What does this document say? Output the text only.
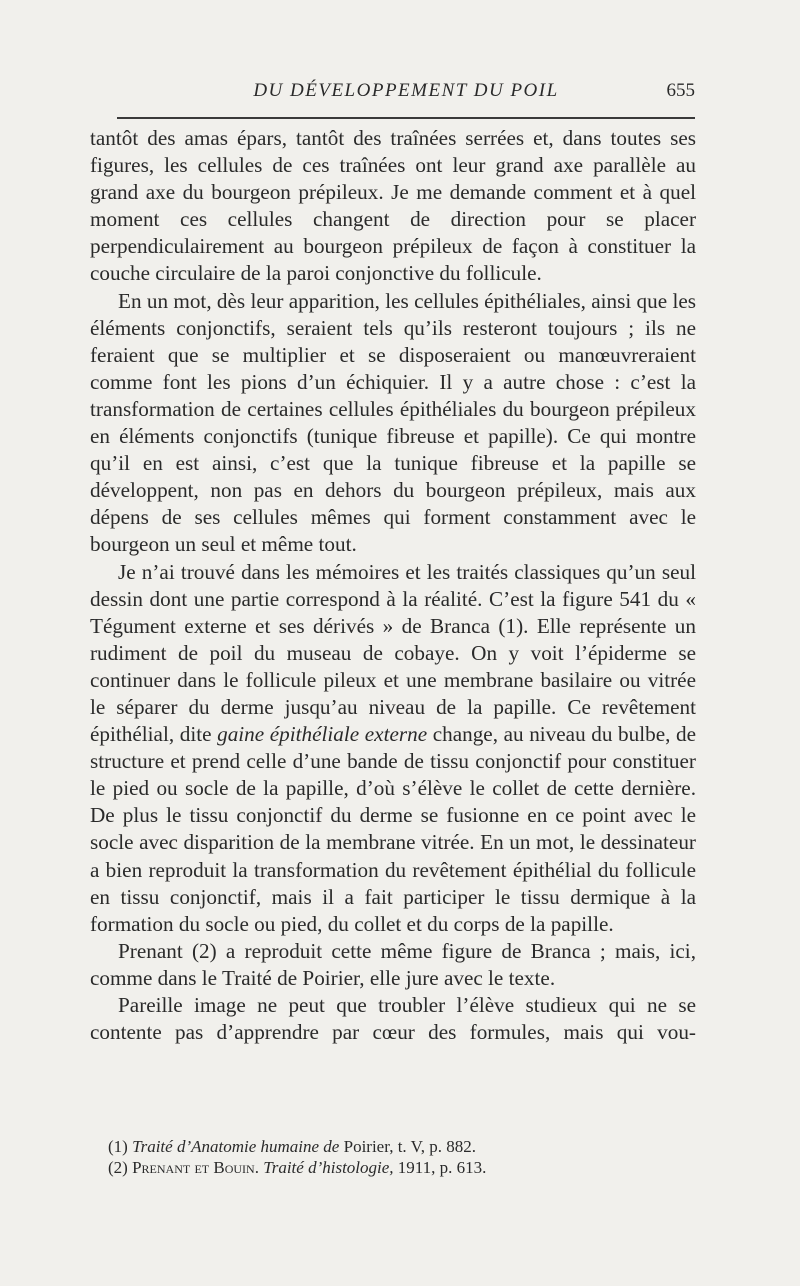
DU DÉVELOPPEMENT DU POIL	655

tantôt des amas épars, tantôt des traînées serrées et, dans toutes ses figures, les cellules de ces traînées ont leur grand axe parallèle au grand axe du bourgeon prépileux. Je me demande comment et à quel moment ces cellules changent de direction pour se placer perpendiculairement au bourgeon prépileux de façon à constituer la couche circulaire de la paroi conjonctive du follicule.

En un mot, dès leur apparition, les cellules épithéliales, ainsi que les éléments conjonctifs, seraient tels qu’ils resteront toujours ; ils ne feraient que se multiplier et se disposeraient ou manœuvreraient comme font les pions d’un échiquier. Il y a autre chose : c’est la transformation de certaines cellules épithéliales du bourgeon prépileux en éléments conjonctifs (tunique fibreuse et papille). Ce qui montre qu’il en est ainsi, c’est que la tunique fibreuse et la papille se développent, non pas en dehors du bourgeon prépileux, mais aux dépens de ses cellules mêmes qui forment constamment avec le bourgeon un seul et même tout.

Je n’ai trouvé dans les mémoires et les traités classiques qu’un seul dessin dont une partie correspond à la réalité. C’est la figure 541 du « Tégument externe et ses dérivés » de Branca (1). Elle représente un rudiment de poil du museau de cobaye. On y voit l’épiderme se continuer dans le follicule pileux et une membrane basilaire ou vitrée le séparer du derme jusqu’au niveau de la papille. Ce revêtement épithélial, dite gaine épithéliale externe change, au niveau du bulbe, de structure et prend celle d’une bande de tissu conjonctif pour constituer le pied ou socle de la papille, d’où s’élève le collet de cette dernière. De plus le tissu conjonctif du derme se fusionne en ce point avec le socle avec disparition de la membrane vitrée. En un mot, le dessinateur a bien reproduit la transformation du revêtement épithélial du follicule en tissu conjonctif, mais il a fait participer le tissu dermique à la formation du socle ou pied, du collet et du corps de la papille.

Prenant (2) a reproduit cette même figure de Branca ; mais, ici, comme dans le Traité de Poirier, elle jure avec le texte.

Pareille image ne peut que troubler l’élève studieux qui ne se contente pas d’apprendre par cœur des formules, mais qui vou-

(1) Traité d’Anatomie humaine de Poirier, t. V, p. 882.

(2) Prenant et Bouin. Traité d’histologie, 1911, p. 613.
